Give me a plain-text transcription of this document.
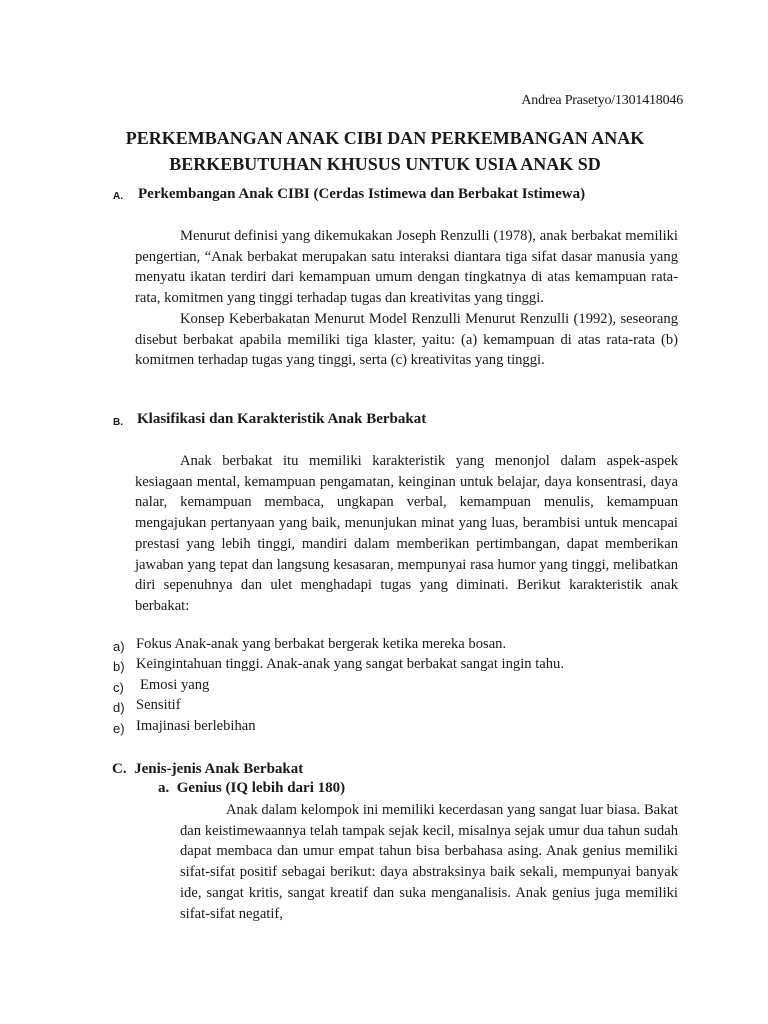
Andrea Prasetyo/1301418046
PERKEMBANGAN ANAK CIBI DAN PERKEMBANGAN ANAK
BERKEBUTUHAN KHUSUS UNTUK USIA ANAK SD
A. Perkembangan Anak CIBI (Cerdas Istimewa dan Berbakat Istimewa)

Menurut definisi yang dikemukakan Joseph Renzulli (1978), anak berbakat memiliki pengertian, “Anak berbakat merupakan satu interaksi diantara tiga sifat dasar manusia yang menyatu ikatan terdiri dari kemampuan umum dengan tingkatnya di atas kemampuan rata- rata, komitmen yang tinggi terhadap tugas dan kreativitas yang tinggi.

Konsep Keberbakatan Menurut Model Renzulli Menurut Renzulli (1992), seseorang disebut berbakat apabila memiliki tiga klaster, yaitu: (a) kemampuan di atas rata-rata (b) komitmen terhadap tugas yang tinggi, serta (c) kreativitas yang tinggi.

B. Klasifikasi dan Karakteristik Anak Berbakat

Anak berbakat itu memiliki karakteristik yang menonjol dalam aspek-aspek kesiagaan mental, kemampuan pengamatan, keinginan untuk belajar, daya konsentrasi, daya nalar, kemampuan membaca, ungkapan verbal, kemampuan menulis, kemampuan mengajukan pertanyaan yang baik, menunjukan minat yang luas, berambisi untuk mencapai prestasi yang lebih tinggi, mandiri dalam memberikan pertimbangan, dapat memberikan jawaban yang tepat dan langsung kesasaran, mempunyai rasa humor yang tinggi, melibatkan diri sepenuhnya dan ulet menghadapi tugas yang diminati. Berikut karakteristik anak berbakat:

a) Fokus Anak-anak yang berbakat bergerak ketika mereka bosan.
b) Keingintahuan tinggi. Anak-anak yang sangat berbakat sangat ingin tahu.
c) Emosi yang
d) Sensitif
e) Imajinasi berlebihan
C.  Jenis-jenis Anak Berbakat
a.  Genius (IQ lebih dari 180)

Anak dalam kelompok ini memiliki kecerdasan yang sangat luar biasa. Bakat dan keistimewaannya telah tampak sejak kecil, misalnya sejak umur dua tahun sudah dapat membaca dan umur empat tahun bisa berbahasa asing. Anak genius memiliki sifat-sifat positif sebagai berikut: daya abstraksinya baik sekali, mempunyai banyak ide, sangat kritis, sangat kreatif dan suka menganalisis. Anak genius juga memiliki sifat-sifat negatif,
